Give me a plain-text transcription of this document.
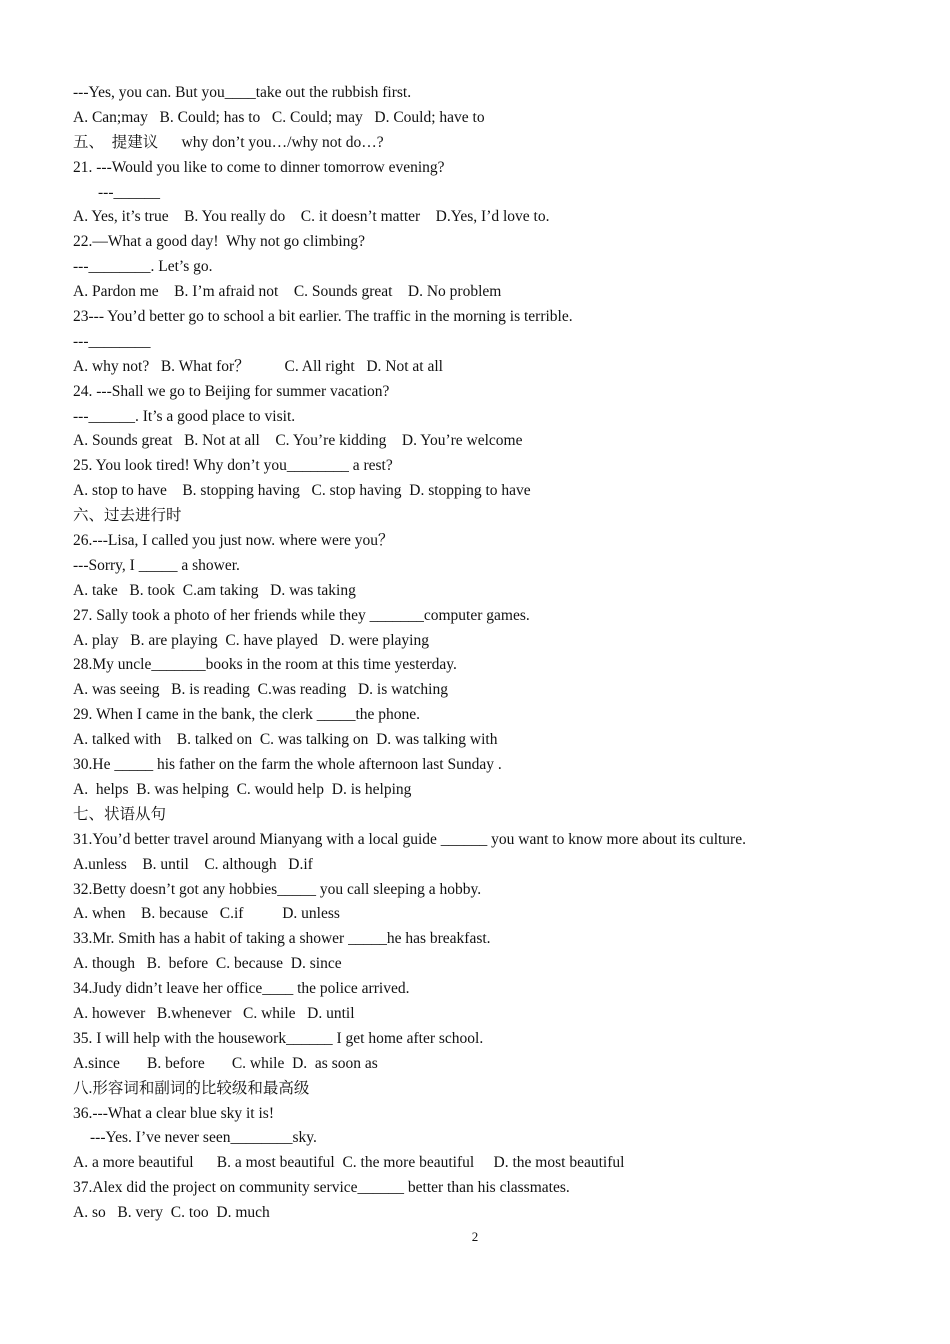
---Yes, you can. But you____take out the rubbish first.
A. Can;may   B. Could; has to   C. Could; may   D. Could; have to
五、  提建议      why don’t you…/why not do…?
21. ---Would you like to come to dinner tomorrow evening?
---______
A. Yes, it’s true    B. You really do    C. it doesn’t matter    D.Yes, I’d love to.
22.—What a good day!  Why not go climbing?
---________. Let’s go.
A. Pardon me    B. I’m afraid not    C. Sounds great    D. No problem
23--- You’d better go to school a bit earlier. The traffic in the morning is terrible.
---________
A. why not?   B. What for？         C. All right   D. Not at all
24. ---Shall we go to Beijing for summer vacation?
---______. It’s a good place to visit.
A. Sounds great   B. Not at all    C. You’re kidding    D. You’re welcome
25. You look tired! Why don’t you________ a rest?
A. stop to have    B. stopping having   C. stop having  D. stopping to have
六、过去进行时
26.---Lisa, I called you just now. where were you？
---Sorry, I _____ a shower.
A. take   B. took  C.am taking   D. was taking
27. Sally took a photo of her friends while they _______computer games.
A. play   B. are playing  C. have played   D. were playing
28.My uncle_______books in the room at this time yesterday.
A. was seeing   B. is reading  C.was reading   D. is watching
29. When I came in the bank, the clerk _____the phone.
A. talked with    B. talked on  C. was talking on  D. was talking with
30.He _____ his father on the farm the whole afternoon last Sunday .
A.  helps  B. was helping  C. would help  D. is helping
七、状语从句
31.You’d better travel around Mianyang with a local guide ______ you want to know more about its culture.
A.unless    B. until    C. although   D.if
32.Betty doesn’t got any hobbies_____ you call sleeping a hobby.
A. when    B. because   C.if          D. unless
33.Mr. Smith has a habit of taking a shower _____he has breakfast.
A. though   B.  before  C. because  D. since
34.Judy didn’t leave her office____ the police arrived.
A. however   B.whenever   C. while   D. until
35. I will help with the housework______ I get home after school.
A.since       B. before       C. while  D.  as soon as
八.形容词和副词的比较级和最高级
36.---What a clear blue sky it is!
---Yes. I’ve never seen________sky.
A. a more beautiful      B. a most beautiful  C. the more beautiful     D. the most beautiful
37.Alex did the project on community service______ better than his classmates.
A. so   B. very  C. too  D. much
2
